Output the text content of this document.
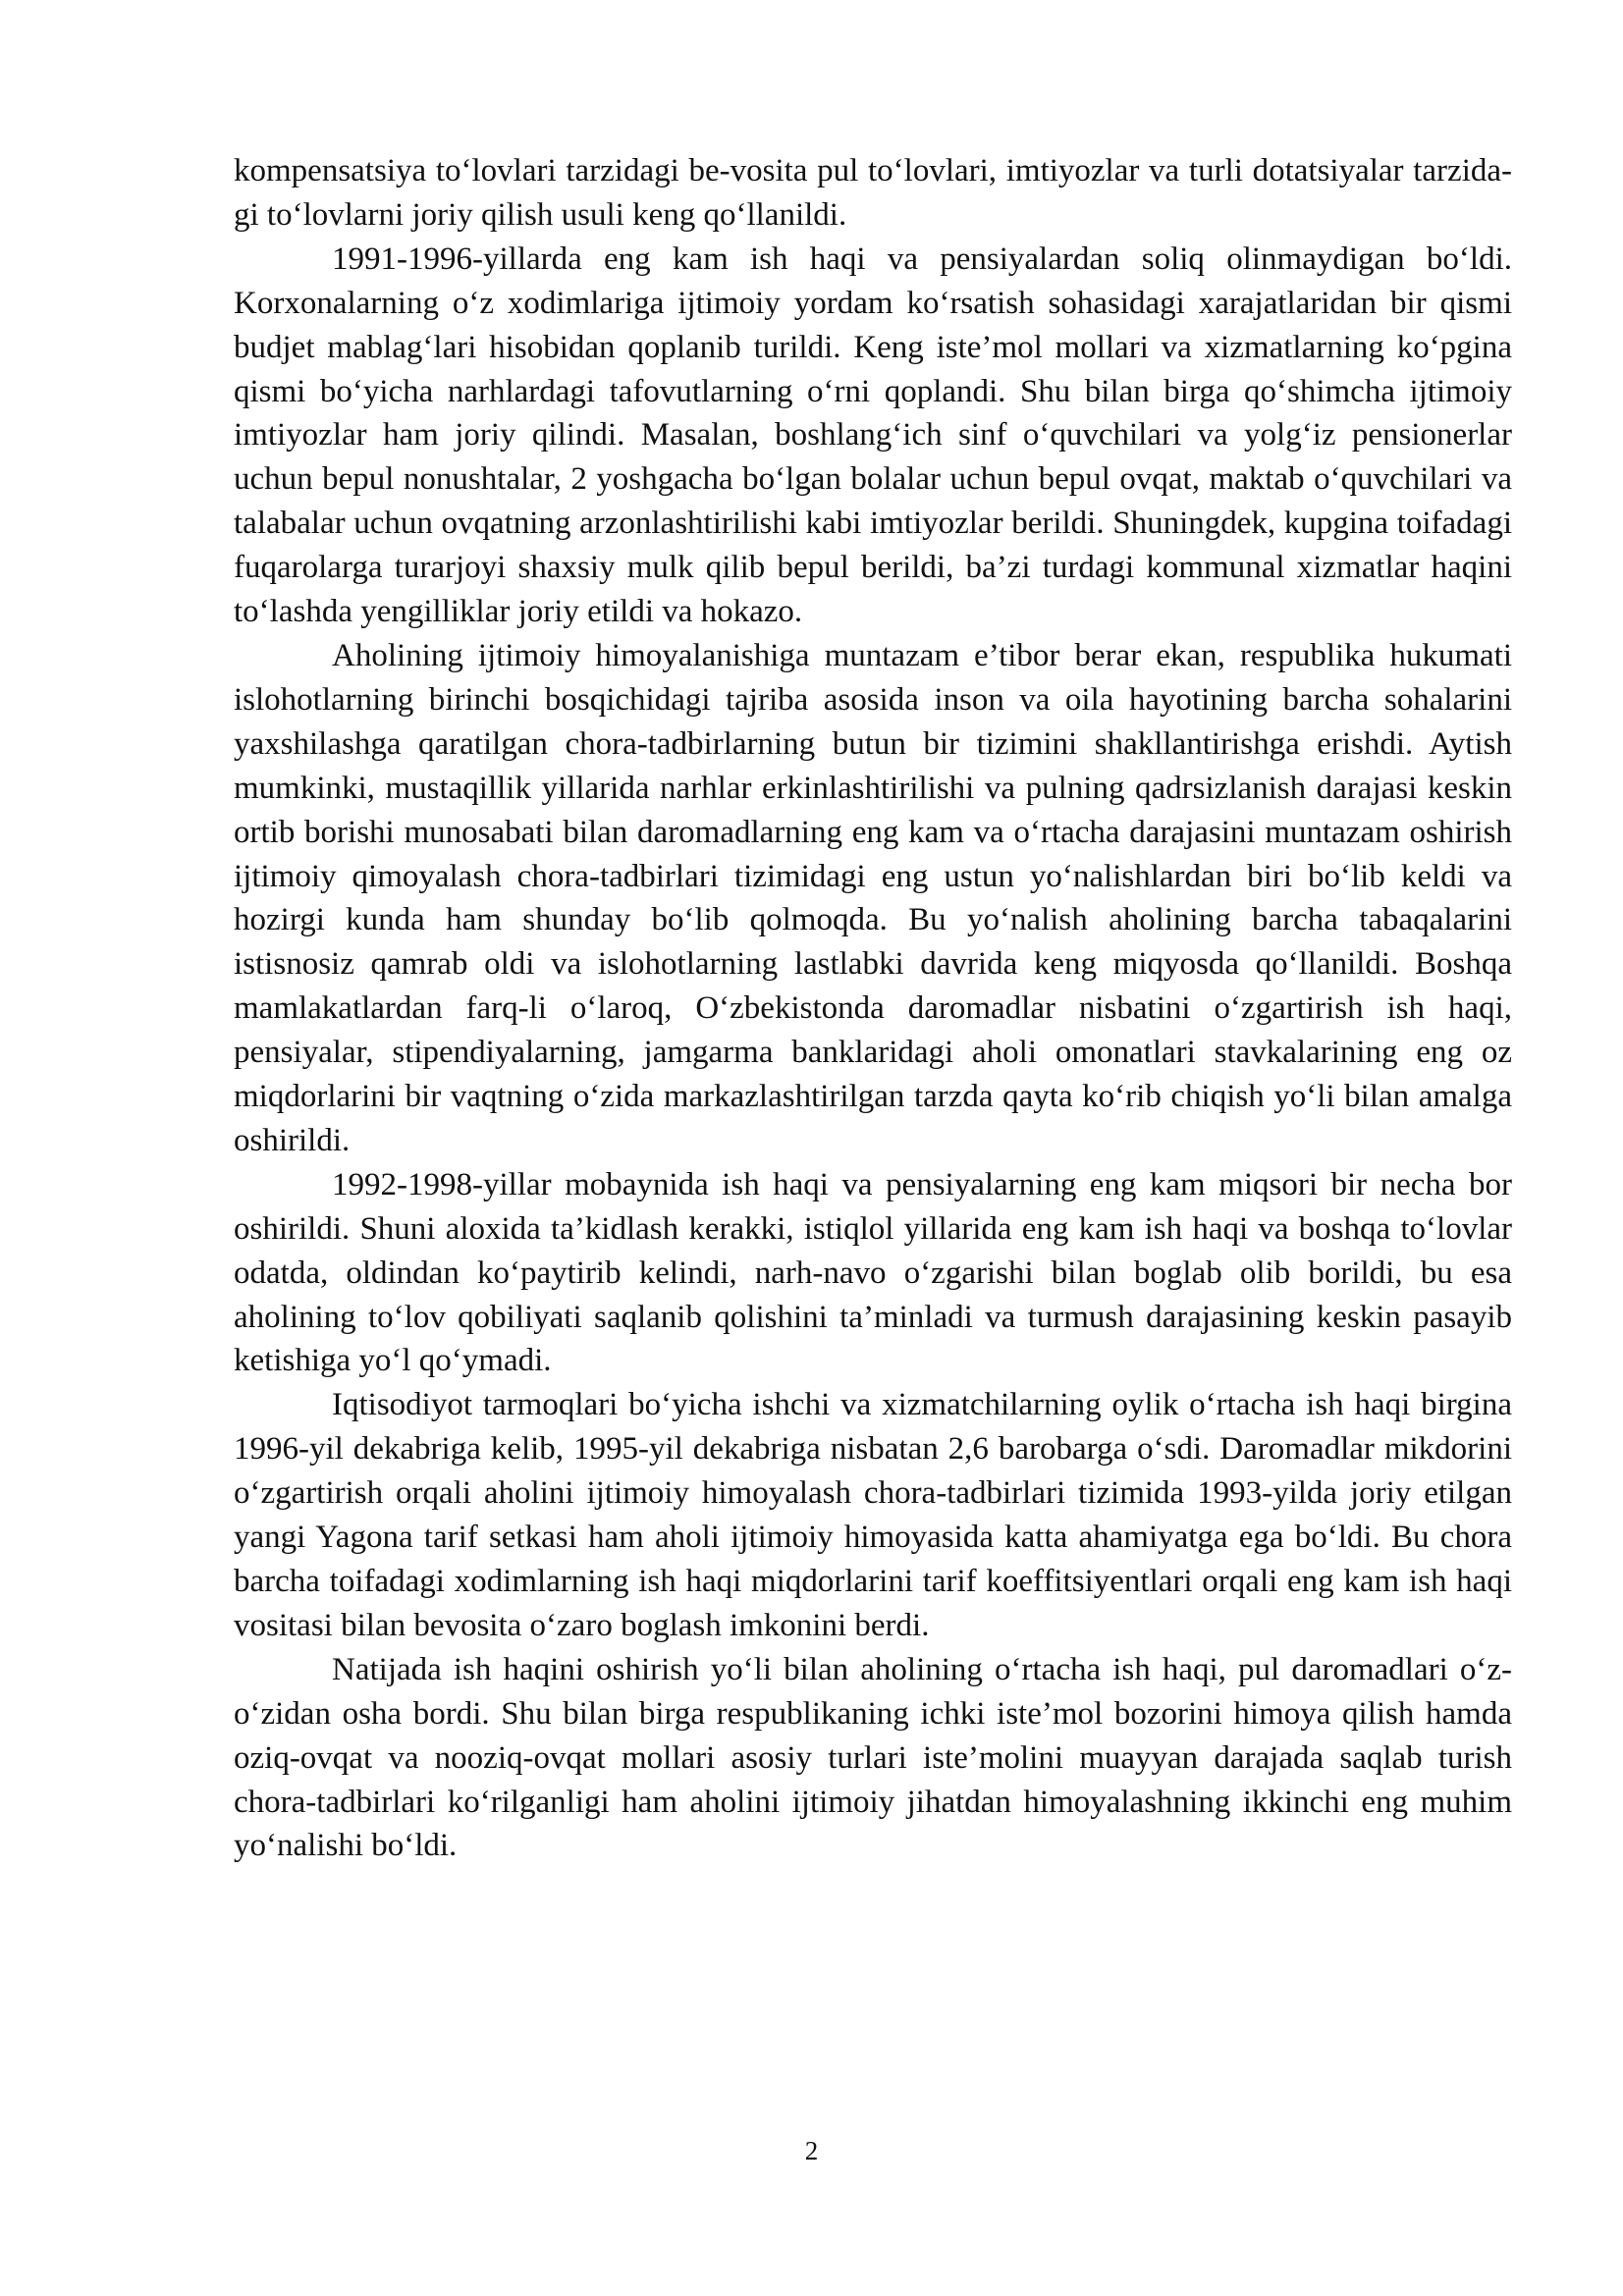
kompensatsiya to‘lovlari tarzidagi be-vosita pul to‘lovlari, imtiyozlar va turli dotatsiyalar tarzida-gi to‘lovlarni joriy qilish usuli keng qo‘llanildi.

1991-1996-yillarda eng kam ish haqi va pensiyalardan soliq olinmaydigan bo‘ldi. Korxonalarning o‘z xodimlariga ijtimoiy yordam ko‘rsatish sohasidagi xarajatlaridan bir qismi budjet mablag‘lari hisobidan qoplanib turildi. Keng iste’mol mollari va xizmatlarning ko‘pgina qismi bo‘yicha narhlardagi tafovutlarning o‘rni qoplandi. Shu bilan birga qo‘shimcha ijtimoiy imtiyozlar ham joriy qilindi. Masalan, boshlang‘ich sinf o‘quvchilari va yolg‘iz pensionerlar uchun bepul nonushtalar, 2 yoshgacha bo‘lgan bolalar uchun bepul ovqat, maktab o‘quvchilari va talabalar uchun ovqatning arzonlashtirilishi kabi imtiyozlar berildi. Shuningdek, kupgina toifadagi fuqarolarga turarjoyi shaxsiy mulk qilib bepul berildi, ba’zi turdagi kommunal xizmatlar haqini to‘lashda yengilliklar joriy etildi va hokazo.

Aholining ijtimoiy himoyalanishiga muntazam e’tibor berar ekan, respublika hukumati islohotlarning birinchi bosqichidagi tajriba asosida inson va oila hayotining barcha sohalarini yaxshilashga qaratilgan chora-tadbirlarning butun bir tizimini shakllantirishga erishdi. Aytish mumkinki, mustaqillik yillarida narhlar erkinlashtirilishi va pulning qadrsizlanish darajasi keskin ortib borishi munosabati bilan daromadlarning eng kam va o‘rtacha darajasini muntazam oshirish ijtimoiy qimoyalash chora-tadbirlari tizimidagi eng ustun yo‘nalishlardan biri bo‘lib keldi va hozirgi kunda ham shunday bo‘lib qolmoqda. Bu yo‘nalish aholining barcha tabaqalarini istisnosiz qamrab oldi va islohotlarning lastlabki davrida keng miqyosda qo‘llanildi. Boshqa mamlakatlardan farq-li o‘laroq, O‘zbekistonda daromadlar nisbatini o‘zgartirish ish haqi, pensiyalar, stipendiyalarning, jamgarma banklaridagi aholi omonatlari stavkalarining eng oz miqdorlarini bir vaqtning o‘zida markazlashtirilgan tarzda qayta ko‘rib chiqish yo‘li bilan amalga oshirildi.

1992-1998-yillar mobaynida ish haqi va pensiyalarning eng kam miqsori bir necha bor oshirildi. Shuni aloxida ta’kidlash kerakki, istiqlol yillarida eng kam ish haqi va boshqa to‘lovlar odatda, oldindan ko‘paytirib kelindi, narh-navo o‘zgarishi bilan boglab olib borildi, bu esa aholining to‘lov qobiliyati saqlanib qolishini ta’minladi va turmush darajasining keskin pasayib ketishiga yo‘l qo‘ymadi.

Iqtisodiyot tarmoqlari bo‘yicha ishchi va xizmatchilarning oylik o‘rtacha ish haqi birgina 1996-yil dekabriga kelib, 1995-yil dekabriga nisbatan 2,6 barobarga o‘sdi. Daromadlar mikdorini o‘zgartirish orqali aholini ijtimoiy himoyalash chora-tadbirlari tizimida 1993-yilda joriy etilgan yangi Yagona tarif setkasi ham aholi ijtimoiy himoyasida katta ahamiyatga ega bo‘ldi. Bu chora barcha toifadagi xodimlarning ish haqi miqdorlarini tarif koeffitsiyentlari orqali eng kam ish haqi vositasi bilan bevosita o‘zaro boglash imkonini berdi.

Natijada ish haqini oshirish yo‘li bilan aholining o‘rtacha ish haqi, pul daromadlari o‘z-o‘zidan osha bordi. Shu bilan birga respublikaning ichki iste’mol bozorini himoya qilish hamda oziq-ovqat va nooziq-ovqat mollari asosiy turlari iste’molini muayyan darajada saqlab turish chora-tadbirlari ko‘rilganligi ham aholini ijtimoiy jihatdan himoyalashning ikkinchi eng muhim yo‘nalishi bo‘ldi.

2
